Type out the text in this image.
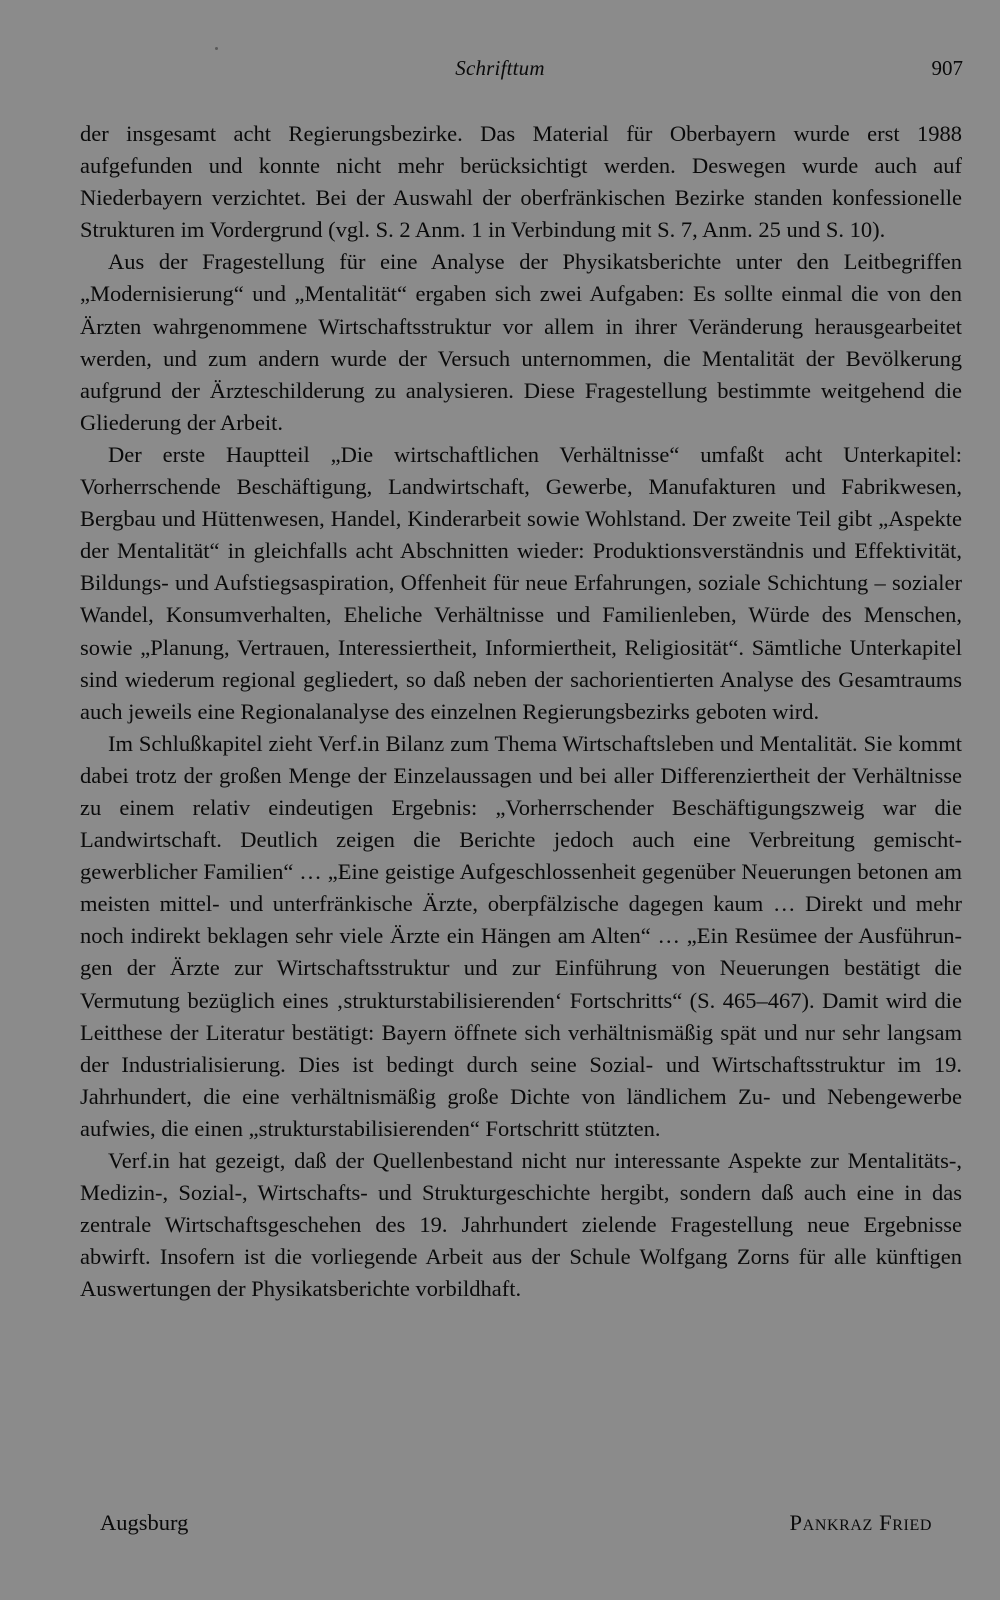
Schrifttum	907

der insgesamt acht Regierungsbezirke. Das Material für Oberbayern wurde erst 1988 aufgefunden und konnte nicht mehr berücksichtigt werden. Deswegen wurde auch auf Niederbayern verzichtet. Bei der Auswahl der oberfränkischen Bezirke standen konfessionelle Strukturen im Vordergrund (vgl. S. 2 Anm. 1 in Verbindung mit S. 7, Anm. 25 und S. 10).

Aus der Fragestellung für eine Analyse der Physikatsberichte unter den Leitbegriffen „Modernisierung“ und „Mentalität“ ergaben sich zwei Aufgaben: Es sollte einmal die von den Ärzten wahrgenommene Wirtschaftsstruktur vor allem in ihrer Veränderung herausgearbeitet werden, und zum andern wurde der Versuch unternommen, die Mentalität der Bevölkerung aufgrund der Ärzteschilderung zu analysieren. Diese Fragestellung bestimmte weitgehend die Gliederung der Arbeit.

Der erste Hauptteil „Die wirtschaftlichen Verhältnisse“ umfaßt acht Unterkapitel: Vorherrschende Beschäftigung, Landwirtschaft, Gewerbe, Manufakturen und Fabrikwesen, Bergbau und Hüttenwesen, Handel, Kinderarbeit sowie Wohlstand. Der zweite Teil gibt „Aspekte der Mentalität“ in gleichfalls acht Abschnitten wieder: Produktionsverständnis und Effektivität, Bildungs- und Aufstiegsaspiration, Offenheit für neue Erfahrungen, soziale Schichtung – sozialer Wandel, Konsumverhalten, Eheliche Verhältnisse und Familienleben, Würde des Menschen, sowie „Planung, Vertrauen, Interessiertheit, Informiertheit, Religiosität“. Sämtliche Unterkapitel sind wiederum regional gegliedert, so daß neben der sachorientierten Analyse des Gesamtraums auch jeweils eine Regionalanalyse des einzelnen Regierungsbezirks geboten wird.

Im Schlußkapitel zieht Verf.in Bilanz zum Thema Wirtschaftsleben und Mentalität. Sie kommt dabei trotz der großen Menge der Einzelaussagen und bei aller Differenziertheit der Verhältnisse zu einem relativ eindeutigen Ergebnis: „Vorherrschender Beschäftigungszweig war die Landwirtschaft. Deutlich zeigen die Berichte jedoch auch eine Verbreitung gemischt-gewerblicher Familien“ … „Eine geistige Aufgeschlossenheit gegenüber Neuerungen betonen am meisten mittel- und unterfränkische Ärzte, oberpfälzische dagegen kaum … Direkt und mehr noch indirekt beklagen sehr viele Ärzte ein Hängen am Alten“ … „Ein Resümee der Ausführungen der Ärzte zur Wirtschaftsstruktur und zur Einführung von Neuerungen bestätigt die Vermutung bezüglich eines ‚strukturstabilisierenden‘ Fortschritts“ (S. 465–467). Damit wird die Leitthese der Literatur bestätigt: Bayern öffnete sich verhältnismäßig spät und nur sehr langsam der Industrialisierung. Dies ist bedingt durch seine Sozial- und Wirtschaftsstruktur im 19. Jahrhundert, die eine verhältnismäßig große Dichte von ländlichem Zu- und Nebengewerbe aufwies, die einen „strukturstabilisierenden“ Fortschritt stützten.

Verf.in hat gezeigt, daß der Quellenbestand nicht nur interessante Aspekte zur Mentalitäts-, Medizin-, Sozial-, Wirtschafts- und Strukturgeschichte hergibt, sondern daß auch eine in das zentrale Wirtschaftsgeschehen des 19. Jahrhundert zielende Fragestellung neue Ergebnisse abwirft. Insofern ist die vorliegende Arbeit aus der Schule Wolfgang Zorns für alle künftigen Auswertungen der Physikatsberichte vorbildhaft.

Augsburg	Pankraz Fried
